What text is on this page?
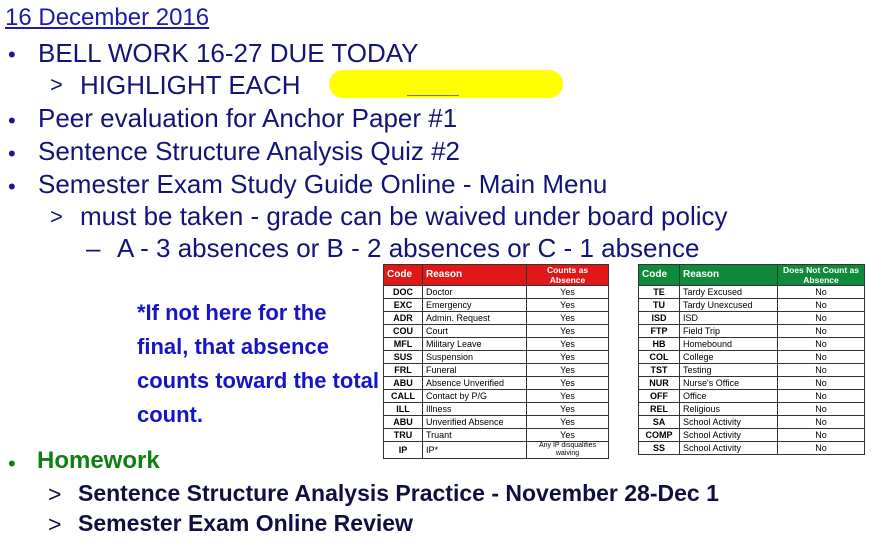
16 December 2016
• BELL WORK 16-27 DUE TODAY
> HIGHLIGHT EACH
• Peer evaluation for Anchor Paper #1
• Sentence Structure Analysis Quiz #2
• Semester Exam Study Guide Online - Main Menu
> must be taken - grade can be waived under board policy
– A - 3 absences or B - 2 absences or C - 1 absence
*If not here for the final, that absence counts toward the total count.
Code	Reason	Counts as Absence
DOC	Doctor	Yes
EXC	Emergency	Yes
ADR	Admin. Request	Yes
COU	Court	Yes
MFL	Military Leave	Yes
SUS	Suspension	Yes
FRL	Funeral	Yes
ABU	Absence Unverified	Yes
CALL	Contact by P/G	Yes
ILL	Illness	Yes
ABU	Unverified Absence	Yes
TRU	Truant	Yes
IP	IP*	Any IP disqualifies waiving
Code	Reason	Does Not Count as Absence
TE	Tardy Excused	No
TU	Tardy Unexcused	No
ISD	ISD	No
FTP	Field Trip	No
HB	Homebound	No
COL	College	No
TST	Testing	No
NUR	Nurse's Office	No
OFF	Office	No
REL	Religious	No
SA	School Activity	No
COMP	School Activity	No
SS	School Activity	No
• Homework
> Sentence Structure Analysis Practice - November 28-Dec 1
> Semester Exam Online Review
